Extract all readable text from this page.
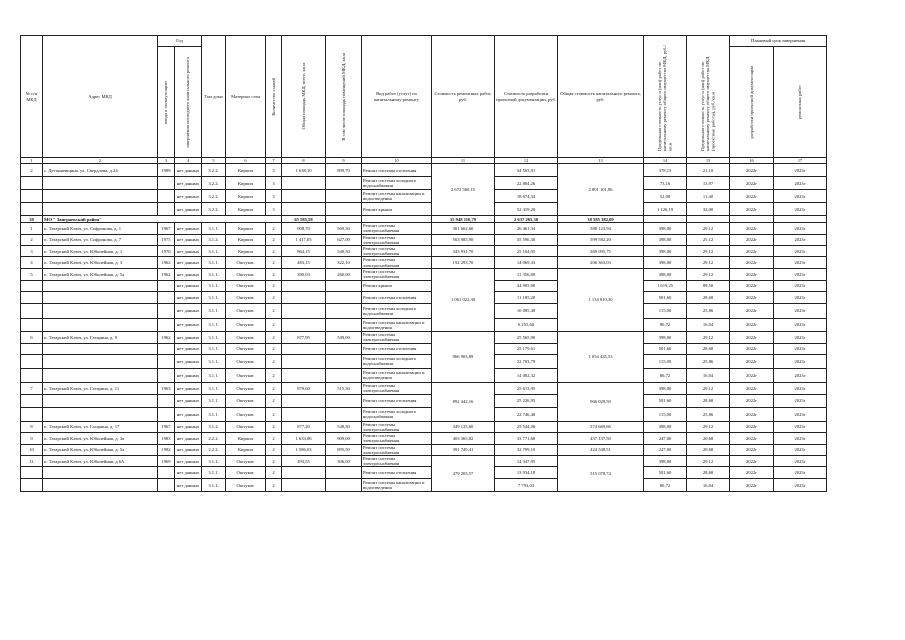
№ п/п МКД	Адрес МКД	Год		Тип дома	Материал стен	Количество этажей	Общая площадь МКД, всего, кв.м	В том числе площадь помещений МКД, кв.м	Вид работ (услуг) по капитальному ремонту	Стоимость ремонтных работ, руб.	Стоимость разработки проектной документации, руб.	Общая стоимость капитального ремонта, руб.	Предельная стоимость услуг и (или) работ по капитальному ремонту общего имущества МКД, руб./кв.м	Предельная стоимость услуг и (или) работ по капитальному ремонту общего имущества МКД (проектные работы), руб./кв.м	Плановый срок завершения	

		ввода в эксплуатацию	завершения последнего капитального ремонта												разработки проектной документации	ремонтных работ

1	2	3	4	5	6	7	8	9	10	11	12	13	14	15	16	17
2	с. Дегтяшевщина, ул. Свердлова, д.24	1989	нет данных	3.2.2.	Кирпич	3	1 638,10	899,70	Ремонт системы отопления	2 672 560,15	34 563,91	2 801 101,86	378,15	21,10	2022г	2023г
			нет данных	3.2.2.	Кирпич	3			Ремонт системы холодного водоснабжения		22 884,26		73,16	13,97	2022г	2023г
			нет данных	3.2.2.	Кирпич	3			Ремонт системы канализации и водоотведения		18 674,34		52,00	11,40	2022г	2023г
			нет данных	3.2.2.	Кирпич	3			Ремонт крыши		52 419,20		1 126,19	32,00	2022г	2023г
38	МО " Заиграевский район"						65 585,58			35 948 116,79	2 637 265,30	38 585 382,09				
1	п. Татарский Ключ, ул. Софронова, д. 1	1967	нет данных	3.1.1.	Кирпич	2	908,70	569,30	Ремонт системы электроснабжения	361 662,60	26 461,34	388 123,94	398,00	29,12	2022г	2023г
2	п. Татарский Ключ, ул. Софронова, д. 7	1975	нет данных	3.1.2.	Кирпич	2	1 417,05	627,00	Ремонт системы электроснабжения	563 985,90	35 596,30	599 582,20	398,00	25,12	2022г	2023г
3	п. Татарский Ключ, ул. Юбилейная, д. 1	1970	нет данных	3.1.1.	Кирпич	2	864,15	540,30	Ремонт системы электроснабжения	343 931,70	25 164,05	369 095,75	398,00	29,12	2022г	2023г
4	п. Татарский Ключ, ул. Юбилейная, д. 3	1962	нет данных	3.1.1.	Оштукат.	2	483,15	322,10	Ремонт системы электроснабжения	192 293,70	14 069,33	206 363,03	398,00	29,12	2022г	2023г
5	п. Татарский Ключ, ул. Юбилейная, д. 5а	1962	нет данных	3.1.1.	Оштукат.	2	390,03	260,00	Ремонт системы электроснабжения	1 061 022,30	11 356,80	1 134 810,30	398,00	29,12	2022г	2023г
			нет данных	3.1.1.	Оштукат.	2			Ремонт крыши		34 905,00		1 619,25	89,50	2022г	2023г
			нет данных	3.1.1.	Оштукат.	2			Ремонт системы отопления		11 185,20		501,60	28,68	2022г	2023г
			нет данных	3.1.1.	Оштукат.	2			Ремонт системы холодного водоснабжения		10 085,40		115,00	25,86	2022г	2023г
			нет данных	3.1.1.	Оштукат.	2			Ремонт системы канализации и водоотведения		6 255,60		86,72	16,04	2022г	2023г
6	п. Татарский Ключ, ул. Гагарина, д. 9	1962	нет данных	3.1.1.	Оштукат.	2	877,95	549,00	Ремонт системы электроснабжения	966 903,89	25 565,90	1 054 435,53	398,00	29,12	2022г	2023г
			нет данных	3.1.1.	Оштукат.	2			Ремонт системы отопления		25 179,61		501,60	28,68	2022г	2023г
			нет данных	3.1.1.	Оштукат.	2			Ремонт системы холодного водоснабжения		22 703,79		115,00	25,86	2022г	2023г
			нет данных	3.1.1.	Оштукат.	2			Ремонт системы канализации и водоотведения		14 082,32		86,72	16,04	2022г	2023г
7	п. Татарский Ключ, ул. Гагарина, д. 11	1963	нет данных	3.1.1.	Оштукат.	2	879,60	515,30	Ремонт системы электроснабжения	892 442,16	25 613,95	966 029,50	398,00	29,12	2022г	2023г
			нет данных	3.1.1.	Оштукат.	2			Ремонт системы отопления		25 226,95		501,60	28,68	2022г	2023г
			нет данных	3.1.1.	Оштукат.	2			Ремонт системы холодного водоснабжения		22 746,46		115,00	25,86	2022г	2023г
8	п. Татарский Ключ, ул. Гагарина, д. 17	1967	нет данных	3.1.2.	Оштукат.	2	877,20	548,30	Ремонт системы электроснабжения	349 125,60	25 544,06	374 669,66	398,00	29,12	2022г	2023г
9	п. Татарский Ключ, ул. Юбилейная, д. 3а	1983	нет данных	2.2.2.	Кирпич	2	1 633,06	909,00	Ремонт системы электроснабжения	403 365,82	33 771,68	437 137,50	247,00	20,68	2022г	2023г
10	п. Татарский Ключ, ул. Юбилейная, д. 5а	1982	нет данных	2.2.2.	Кирпич	2	1 586,03	895,50	Ремонт системы электроснабжения	391 749,41	32 799,10	424 548,51	247,00	20,68	2022г	2023г
11	п. Татарский Ключ, ул. Юбилейная, д.6А	1969	нет данных	3.1.1.	Оштукат.	2	493,55	306,00	Ремонт системы электроснабжения	479 203,57	14 347,95	515 078,74	398,00	29,12	2022г	2023г
			нет данных	3.1.1.	Оштукат.	2			Ремонт системы отопления		13 934,18		501,60	28,68	2022г	2023г
			нет данных	3.1.1.	Оштукат.	2			Ремонт системы канализации и водоотведения		7 793,03		86,72	16,04	2022г	2023г
